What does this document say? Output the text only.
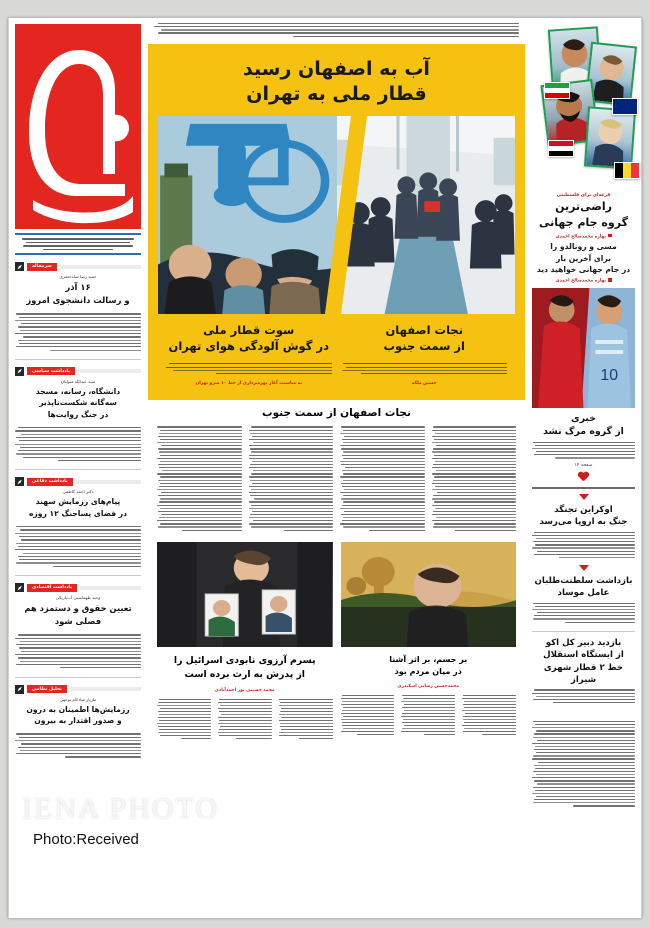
سرمقاله
حمید رضا شاه‌جعفری
۱۶ آذر
و رسالت دانشجوی امروز
یادداشت سیاسی
سید عبدالله متولیان
دانشگاه، رسانه، مسجد
سه‌گانه شکست‌ناپذیر
در جنگ روایت‌ها
یادداشت دفاعی
دکتر احمد کاظمی
پیام‌های رزمایش سهند
در فضای پساجنگ ۱۲ روزه
یادداشت اقتصادی
وحید طهماسبی آب‌باریکی
تعیین حقوق و دستمزد هم
فصلی شود
تحلیل نظامی
مازیار شادکام نوجهی
رزمایش‌ها اطمینان به درون
و صدور اقتدار به بیرون
آب به اصفهان رسید
قطار ملی به تهران
نجات اصفهان
از سمت جنوب
حسین ملکه
سوت قطار ملی
در گوش آلودگی هوای تهران
به مناسبت آغاز بهره‌برداری از خط ۱۰ مترو تهران
نجات اصفهان از سمت جنوب
بر جسم، بر اثر آشنا
در میان مردم بود
محمدحسین رضایی اسکندری
پسرم آرزوی نابودی اسرائیل را
از پدرش به ارث برده است
محمد حسینی پور احمدآبادی
قرعه‌ای برای فلسطینی
راضی‌ترین
گروه جام جهانی
بهاره محمدصالح احمدی
مسی و رونالدو را
برای آخرین بار
در جام جهانی خواهید دید
بهاره محمدصالح احمدی
10
خبری
از گروه مرگ نشد
صفحه ۱۴
اوکراین تجنگد
جنگ به اروپا می‌رسد
بازداشت سلطنت‌طلبان
عامل موساد
بازدید دبیر کل اکو
از ایستگاه استقلال
خط ۲ قطار شهری شیراز

IENA PHOTO
Photo:Received
